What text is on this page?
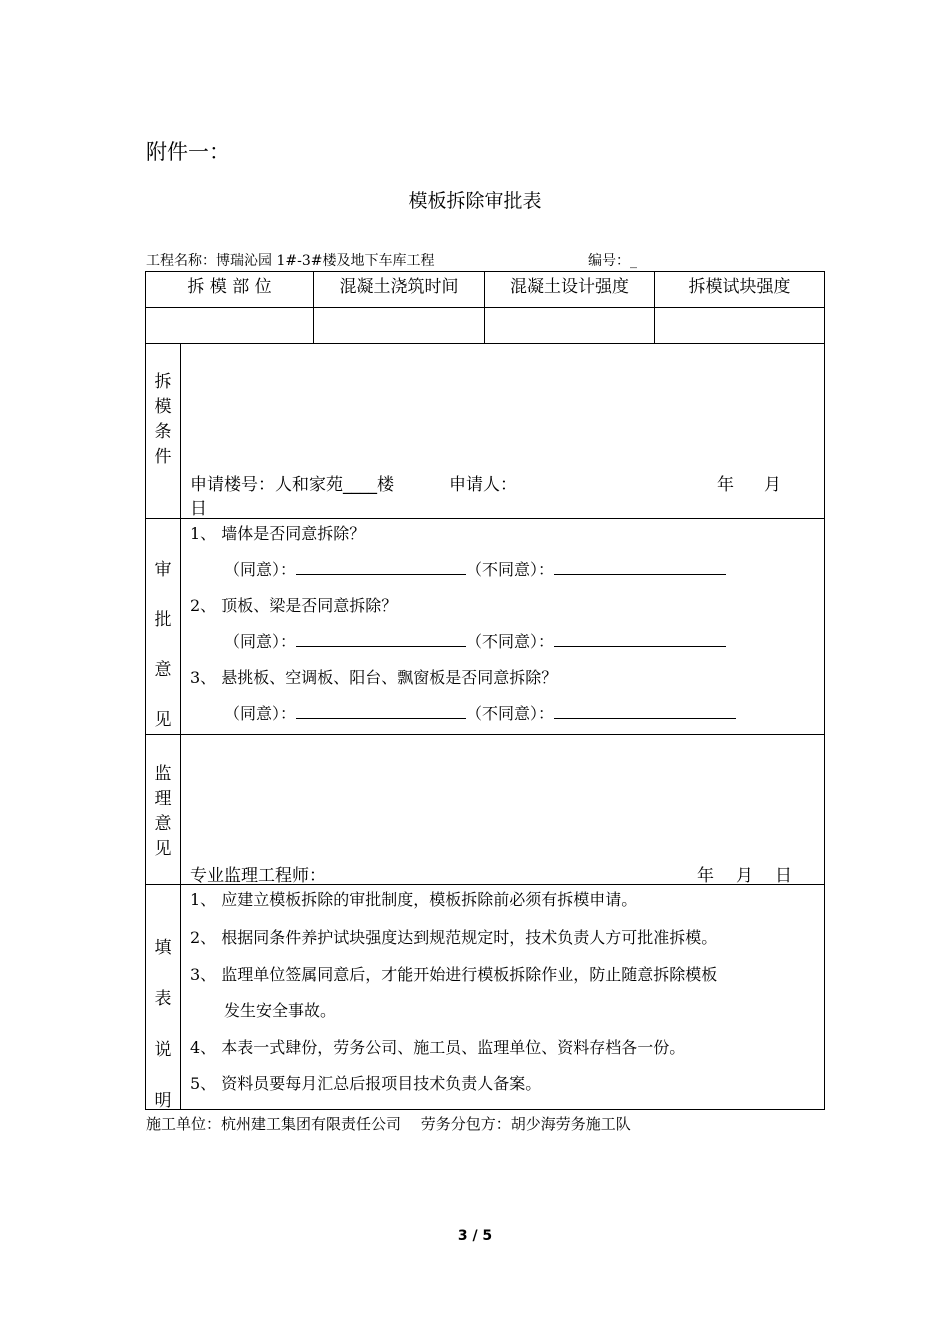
附件一：
模板拆除审批表
工程名称：博瑞沁园 1#-3#楼及地下车库工程	编号：_
拆 模 部 位	混凝土浇筑时间	混凝土设计强度	拆模试块强度
拆
模
条
件
申请楼号：人和家苑____楼	申请人：	年 月
日
审
批
意
见
1、 墙体是否同意拆除？
（同意）：	（不同意）：
2、 顶板、梁是否同意拆除？
（同意）：	（不同意）：
3、 悬挑板、空调板、阳台、飘窗板是否同意拆除？
（同意）：	（不同意）：
监
理
意
见
专业监理工程师：	年 月 日
填
表
说
明
1、 应建立模板拆除的审批制度，模板拆除前必须有拆模申请。
2、 根据同条件养护试块强度达到规范规定时，技术负责人方可批准拆模。
3、 监理单位签属同意后，才能开始进行模板拆除作业，防止随意拆除模板
发生安全事故。
4、 本表一式肆份，劳务公司、施工员、监理单位、资料存档各一份。
5、 资料员要每月汇总后报项目技术负责人备案。
施工单位：杭州建工集团有限责任公司　 劳务分包方：胡少海劳务施工队
3 / 5
